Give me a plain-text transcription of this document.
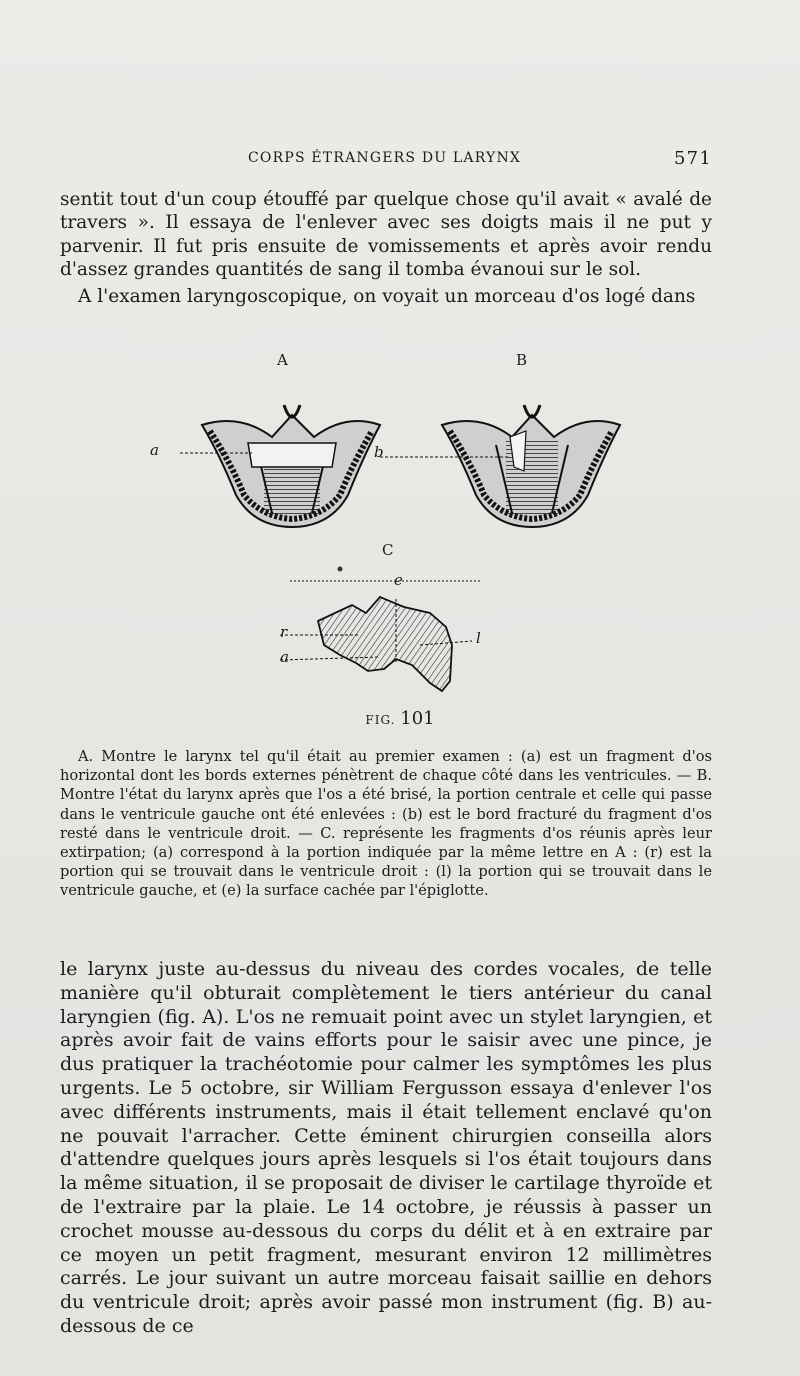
CORPS ÉTRANGERS DU LARYNX	571

sentit tout d'un coup étouffé par quelque chose qu'il avait « avalé de travers ». Il essaya de l'enlever avec ses doigts mais il ne put y parvenir. Il fut pris ensuite de vomissements et après avoir rendu d'assez grandes quantités de sang il tomba évanoui sur le sol.

A l'examen laryngoscopique, on voyait un morceau d'os logé dans

A	B
C
a	b
e
r
a
l
FIG. 101

A. Montre le larynx tel qu'il était au premier examen : (a) est un fragment d'os horizontal dont les bords externes pénètrent de chaque côté dans les ventricules. — B. Montre l'état du larynx après que l'os a été brisé, la portion centrale et celle qui passe dans le ventricule gauche ont été enlevées : (b) est le bord fracturé du fragment d'os resté dans le ventricule droit. — C. représente les fragments d'os réunis après leur extirpation; (a) correspond à la portion indiquée par la même lettre en A : (r) est la portion qui se trouvait dans le ventricule droit : (l) la portion qui se trouvait dans le ventricule gauche, et (e) la surface cachée par l'épiglotte.

le larynx juste au-dessus du niveau des cordes vocales, de telle manière qu'il obturait complètement le tiers antérieur du canal laryngien (fig. A). L'os ne remuait point avec un stylet laryngien, et après avoir fait de vains efforts pour le saisir avec une pince, je dus pratiquer la trachéotomie pour calmer les symptômes les plus urgents. Le 5 octobre, sir William Fergusson essaya d'enlever l'os avec différents instruments, mais il était tellement enclavé qu'on ne pouvait l'arracher. Cette éminent chirurgien conseilla alors d'attendre quelques jours après lesquels si l'os était toujours dans la même situation, il se proposait de diviser le cartilage thyroïde et de l'extraire par la plaie. Le 14 octobre, je réussis à passer un crochet mousse au-dessous du corps du délit et à en extraire par ce moyen un petit fragment, mesurant environ 12 millimètres carrés. Le jour suivant un autre morceau faisait saillie en dehors du ventricule droit; après avoir passé mon instrument (fig. B) au-dessous de ce
